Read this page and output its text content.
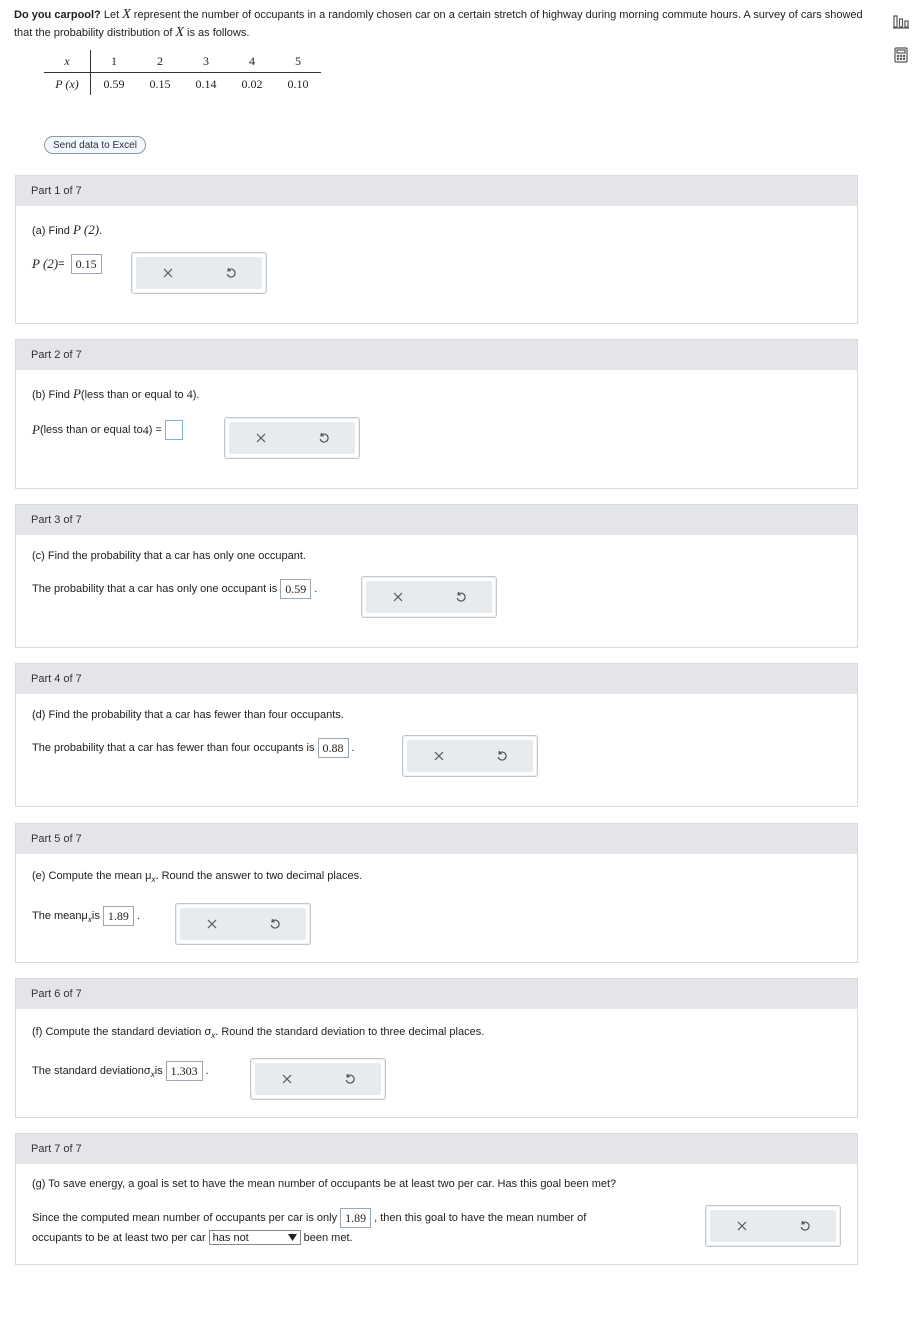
Do you carpool? Let X represent the number of occupants in a randomly chosen car on a certain stretch of highway during morning commute hours. A survey of cars showed that the probability distribution of X is as follows.
x	1	2	3	4	5
P (x)	0.59	0.15	0.14	0.02	0.10
Send data to Excel
Part 1 of 7
(a) Find P (2).
P (2) = 0.15
Part 2 of 7
(b) Find P(less than or equal to 4).
P (less than or equal to 4 ) =
Part 3 of 7
(c) Find the probability that a car has only one occupant.
The probability that a car has only one occupant is 0.59 .
Part 4 of 7
(d) Find the probability that a car has fewer than four occupants.
The probability that a car has fewer than four occupants is 0.88 .
Part 5 of 7
(e) Compute the mean $\mu_x$. Round the answer to two decimal places.
The mean μ x is 1.89 .
Part 6 of 7
(f) Compute the standard deviation $\sigma_x$. Round the standard deviation to three decimal places.
The standard deviation σ x is 1.303 .
Part 7 of 7
(g) To save energy, a goal is set to have the mean number of occupants be at least two per car. Has this goal been met?
Since the computed mean number of occupants per car is only 1.89 , then this goal to have the mean number of
occupants to be at least two per car has not	been met.
